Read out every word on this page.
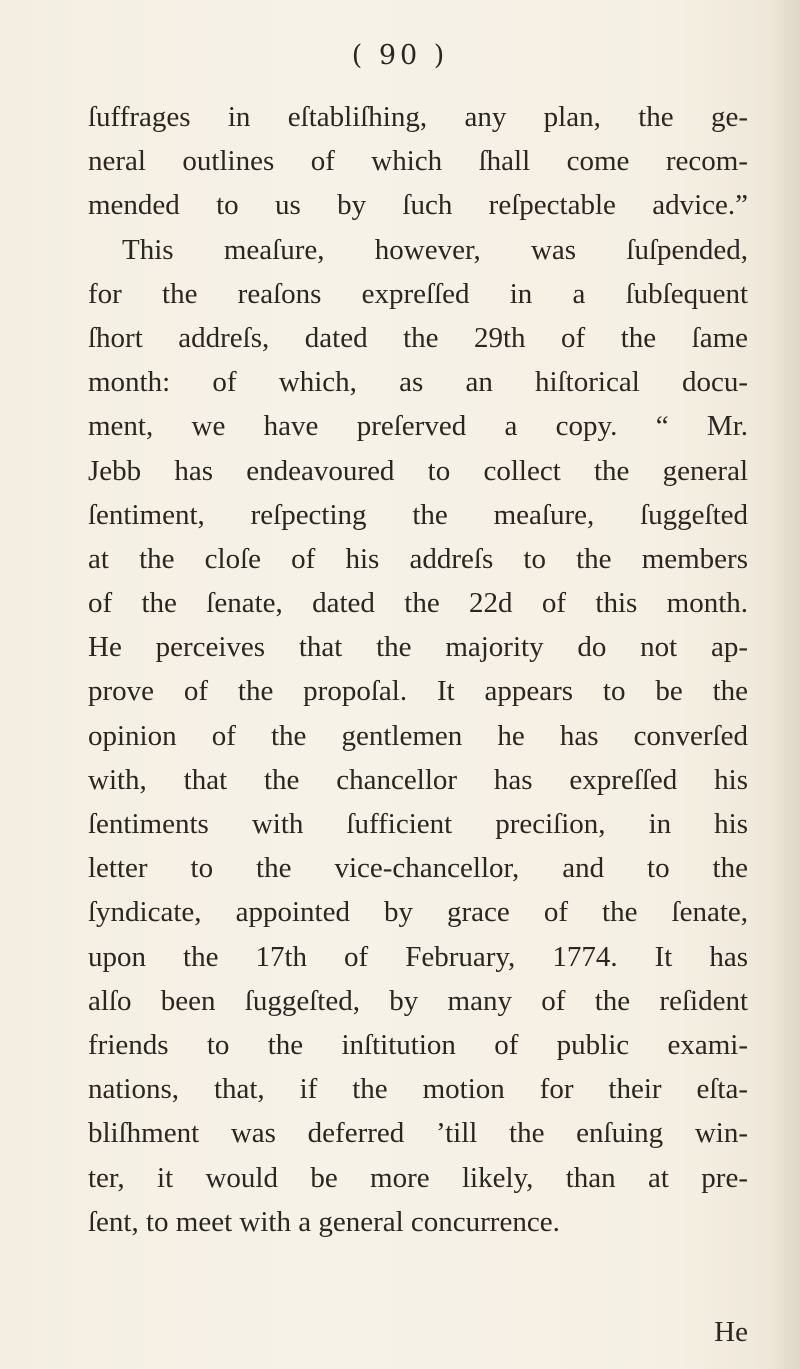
( 90 )
ſuffrages in eſtabliſhing, any plan, the ge-
neral outlines of which ſhall come recom-
mended to us by ſuch reſpectable advice.”
This meaſure, however, was ſuſpended,
for the reaſons expreſſed in a ſubſequent
ſhort addreſs, dated the 29th of the ſame
month: of which, as an hiſtorical docu-
ment, we have preſerved a copy. “ Mr.
Jebb has endeavoured to collect the general
ſentiment, reſpecting the meaſure, ſuggeſted
at the cloſe of his addreſs to the members
of the ſenate, dated the 22d of this month.
He perceives that the majority do not ap-
prove of the propoſal. It appears to be the
opinion of the gentlemen he has converſed
with, that the chancellor has expreſſed his
ſentiments with ſufficient preciſion, in his
letter to the vice-chancellor, and to the
ſyndicate, appointed by grace of the ſenate,
upon the 17th of February, 1774. It has
alſo been ſuggeſted, by many of the reſident
friends to the inſtitution of public exami-
nations, that, if the motion for their eſta-
bliſhment was deferred ’till the enſuing win-
ter, it would be more likely, than at pre-
ſent, to meet with a general concurrence.
He
